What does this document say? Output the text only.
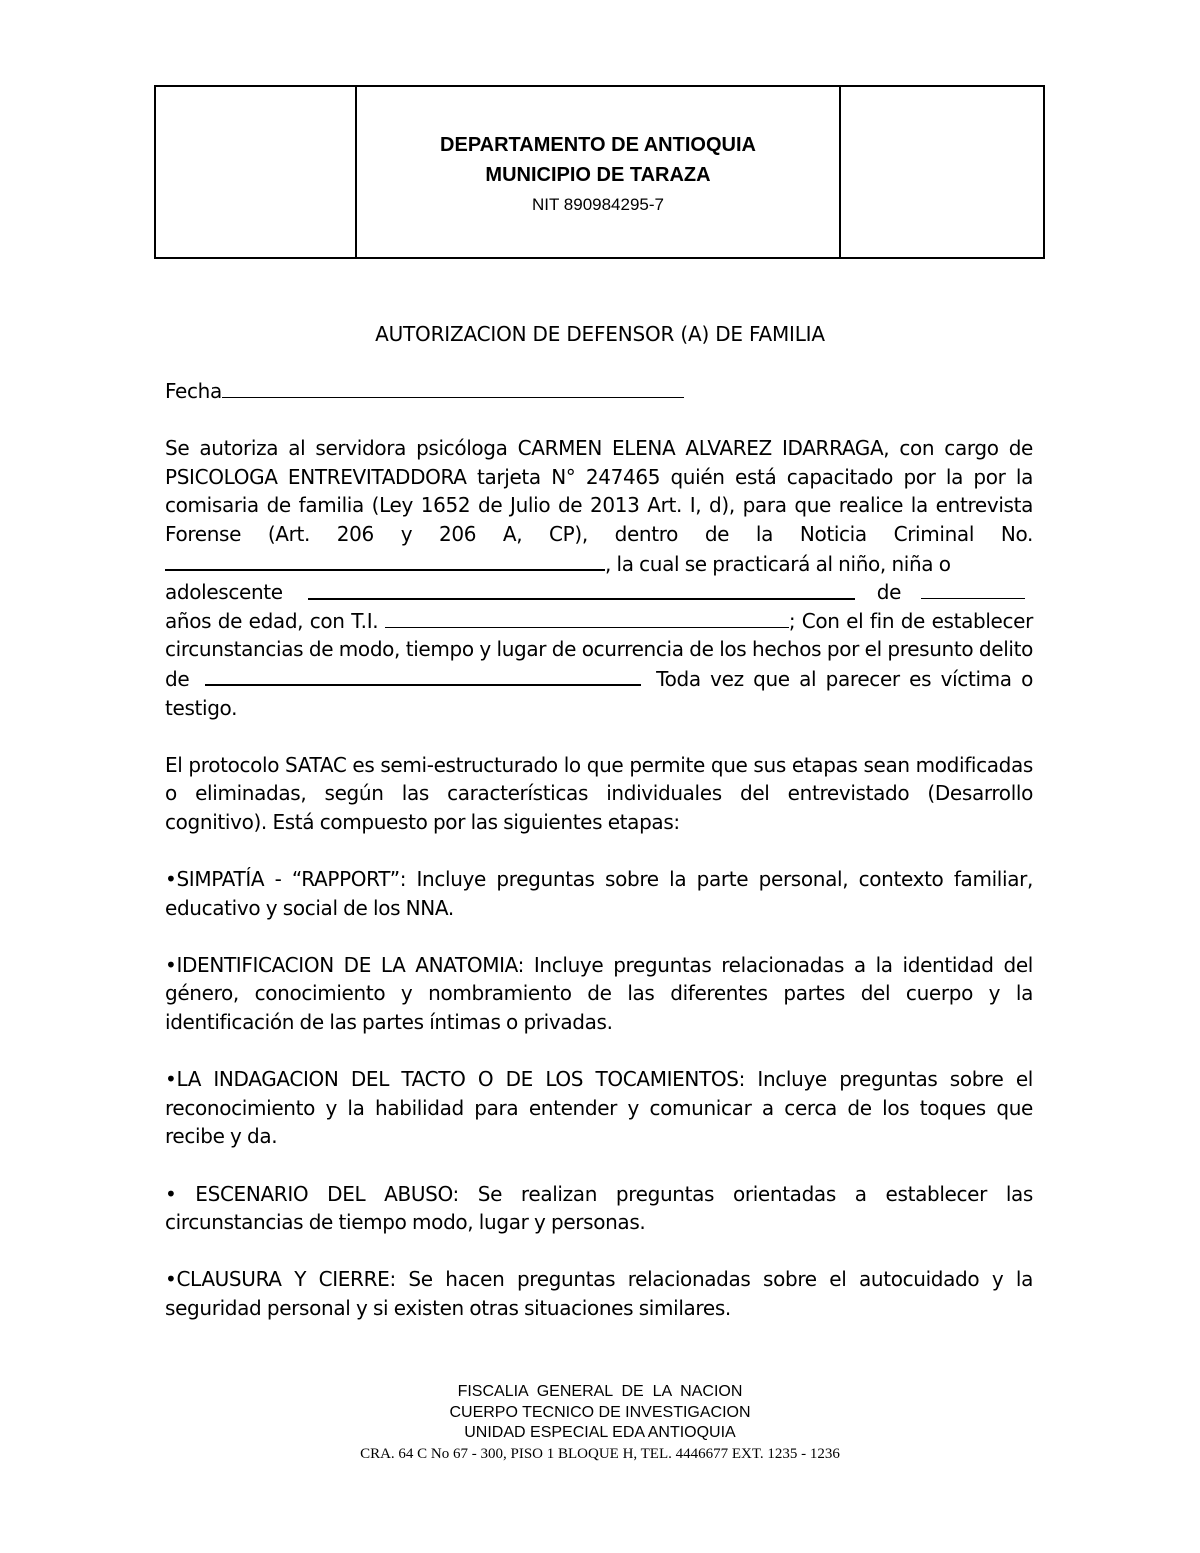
DEPARTAMENTO DE ANTIOQUIA
MUNICIPIO DE TARAZA
NIT 890984295-7
AUTORIZACION DE DEFENSOR (A) DE FAMILIA

Fecha

Se autoriza al servidora psicóloga CARMEN ELENA ALVAREZ IDARRAGA, con cargo de PSICOLOGA ENTREVITADDORA tarjeta N° 247465 quién está capacitado por la por la comisaria de familia (Ley 1652 de Julio de 2013 Art. I, d), para que realice la entrevista Forense (Art. 206 y 206 A, CP), dentro de la Noticia Criminal No., la cual se practicará al niño, niña o
adolescente	de
años de edad, con T.I.	; Con el fin de establecer circunstancias de modo, tiempo y lugar de ocurrencia de los hechos por el presunto delito de	Toda vez que al parecer es víctima o testigo.

El protocolo SATAC es semi-estructurado lo que permite que sus etapas sean modificadas o eliminadas, según las características individuales del entrevistado (Desarrollo cognitivo). Está compuesto por las siguientes etapas:

•SIMPATÍA - “RAPPORT”: Incluye preguntas sobre la parte personal, contexto familiar, educativo y social de los NNA.

•IDENTIFICACION DE LA ANATOMIA: Incluye preguntas relacionadas a la identidad del género, conocimiento y nombramiento de las diferentes partes del cuerpo y la identificación de las partes íntimas o privadas.

•LA INDAGACION DEL TACTO O DE LOS TOCAMIENTOS: Incluye preguntas sobre el reconocimiento y la habilidad para entender y comunicar a cerca de los toques que recibe y da.

• ESCENARIO DEL ABUSO: Se realizan preguntas orientadas a establecer las circunstancias de tiempo modo, lugar y personas.

•CLAUSURA Y CIERRE: Se hacen preguntas relacionadas sobre el autocuidado y la seguridad personal y si existen otras situaciones similares.

FISCALIA  GENERAL  DE  LA  NACION
CUERPO TECNICO DE INVESTIGACION
UNIDAD ESPECIAL EDA ANTIOQUIA
CRA. 64 C No 67 - 300, PISO 1 BLOQUE H, TEL. 4446677 EXT. 1235 - 1236
